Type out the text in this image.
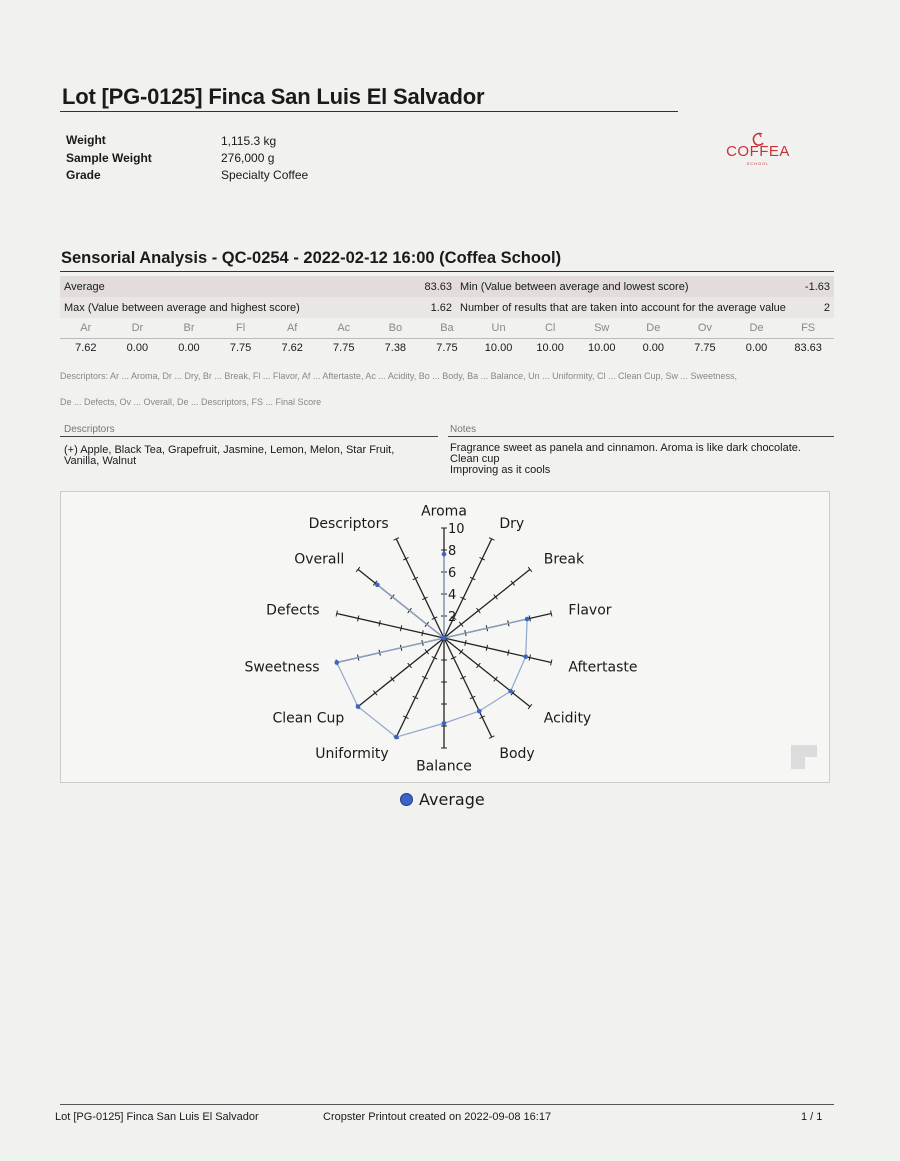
Lot [PG-0125] Finca San Luis El Salvador
Weight	1,115.3 kg
Sample Weight	276,000 g
Grade	Specialty Coffee
COFFEA
SCHOOL
Sensorial Analysis - QC-0254 - 2022-02-12 16:00 (Coffea School)
Average	83.63	Min (Value between average and lowest score)	-1.63
Max (Value between average and highest score)	1.62	Number of results that are taken into account for the average value	2
Ar	Dr	Br	Fl	Af	Ac	Bo	Ba	Un	Cl	Sw	De	Ov	De	FS
7.62	0.00	0.00	7.75	7.62	7.75	7.38	7.75	10.00	10.00	10.00	0.00	7.75	0.00	83.63
Descriptors: Ar ... Aroma, Dr ... Dry, Br ... Break, Fl ... Flavor, Af ... Aftertaste, Ac ... Acidity, Bo ... Body, Ba ... Balance, Un ... Uniformity, Cl ... Clean Cup, Sw ... Sweetness,
De ... Defects, Ov ... Overall, De ... Descriptors, FS ... Final Score
Descriptors	Notes
(+) Apple, Black Tea, Grapefruit, Jasmine, Lemon, Melon, Star Fruit, Vanilla, Walnut
Fragrance sweet as panela and cinnamon. Aroma is like dark chocolate.
Clean cup
Improving as it cools
Aroma
Dry
Break
Flavor
Aftertaste
Acidity
Body
Balance
Uniformity
Clean Cup
Sweetness
Defects
Overall
Descriptors
2
4
6
8
10
Average
Lot [PG-0125] Finca San Luis El Salvador	Cropster Printout created on 2022-09-08 16:17	1 / 1
